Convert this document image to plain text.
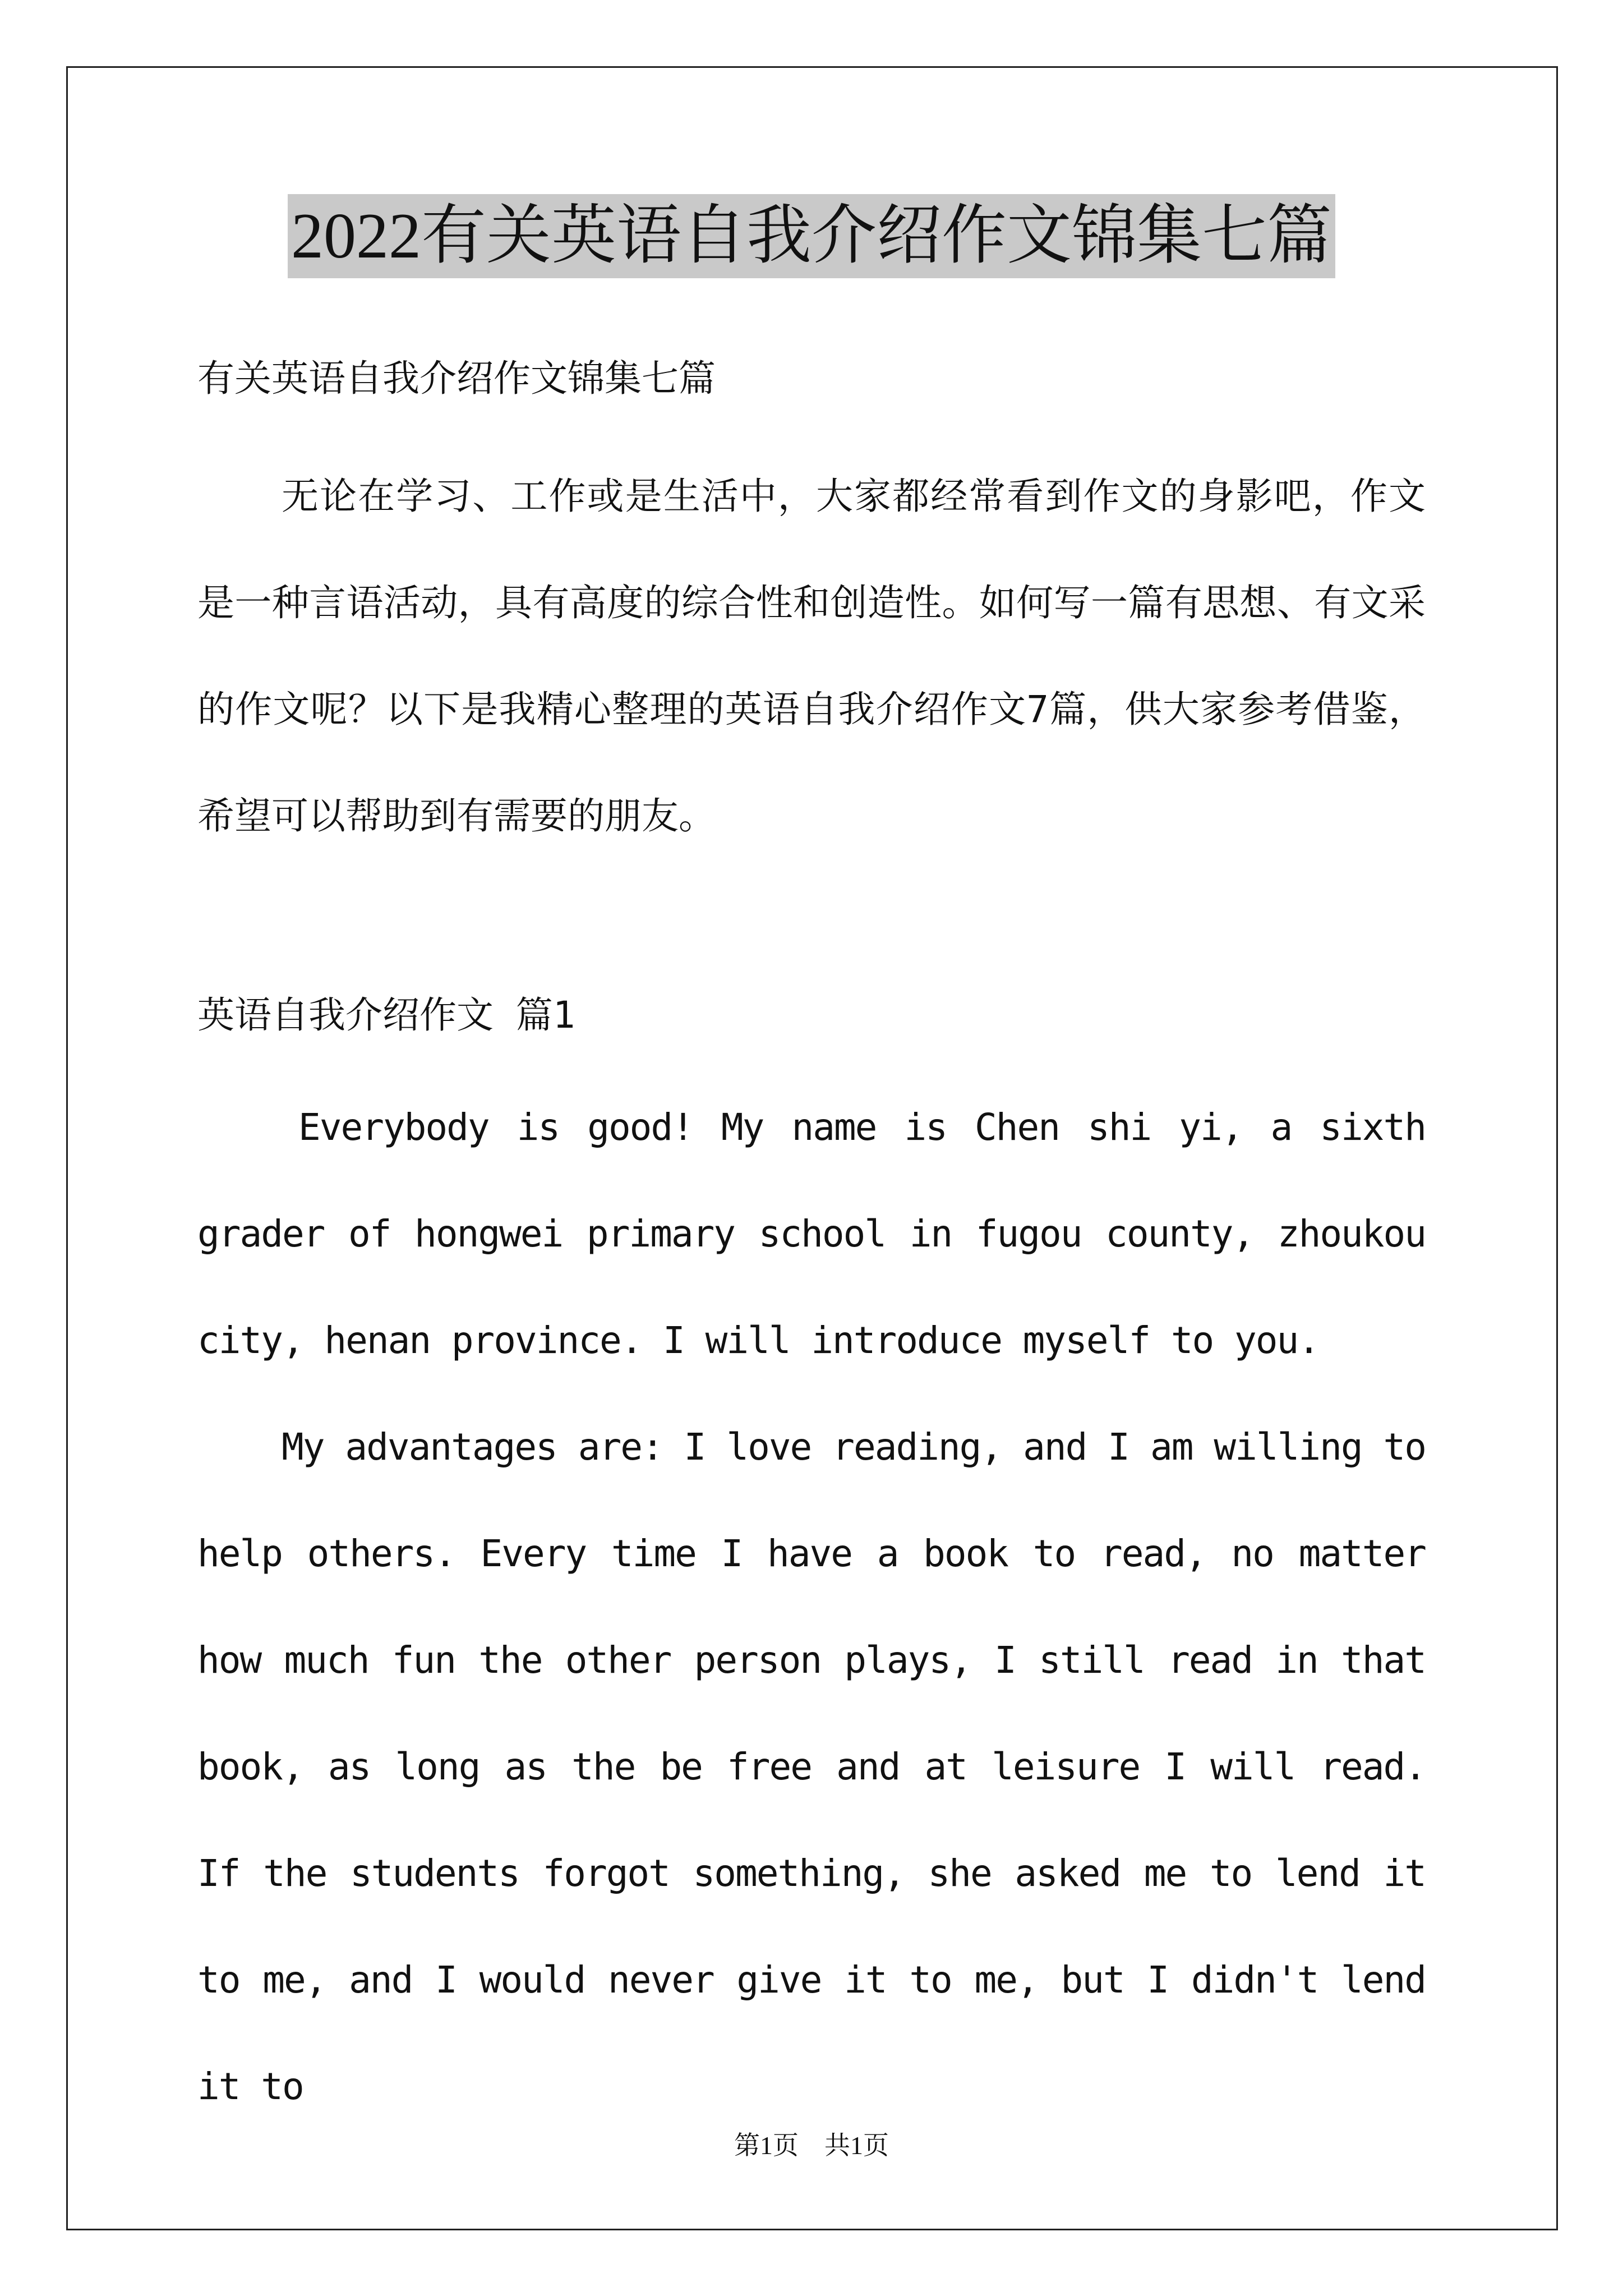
2022有关英语自我介绍作文锦集七篇
有关英语自我介绍作文锦集七篇
无论在学习、工作或是生活中，大家都经常看到作文的身影吧，作文是一种言语活动，具有高度的综合性和创造性。如何写一篇有思想、有文采的作文呢？以下是我精心整理的英语自我介绍作文7篇，供大家参考借鉴，希望可以帮助到有需要的朋友。
英语自我介绍作文 篇1

Everybody is good! My name is Chen shi yi, a sixth grader of hongwei primary school in fugou county, zhoukou city, henan province. I will introduce myself to you.

My advantages are: I love reading, and I am willing to help others. Every time I have a book to read, no matter how much fun the other person plays, I still read in that book, as long as the be free and at leisure I will read. If the students forgot something, she asked me to lend it to me, and I would never give it to me, but I didn't lend it to

第1页　共1页
